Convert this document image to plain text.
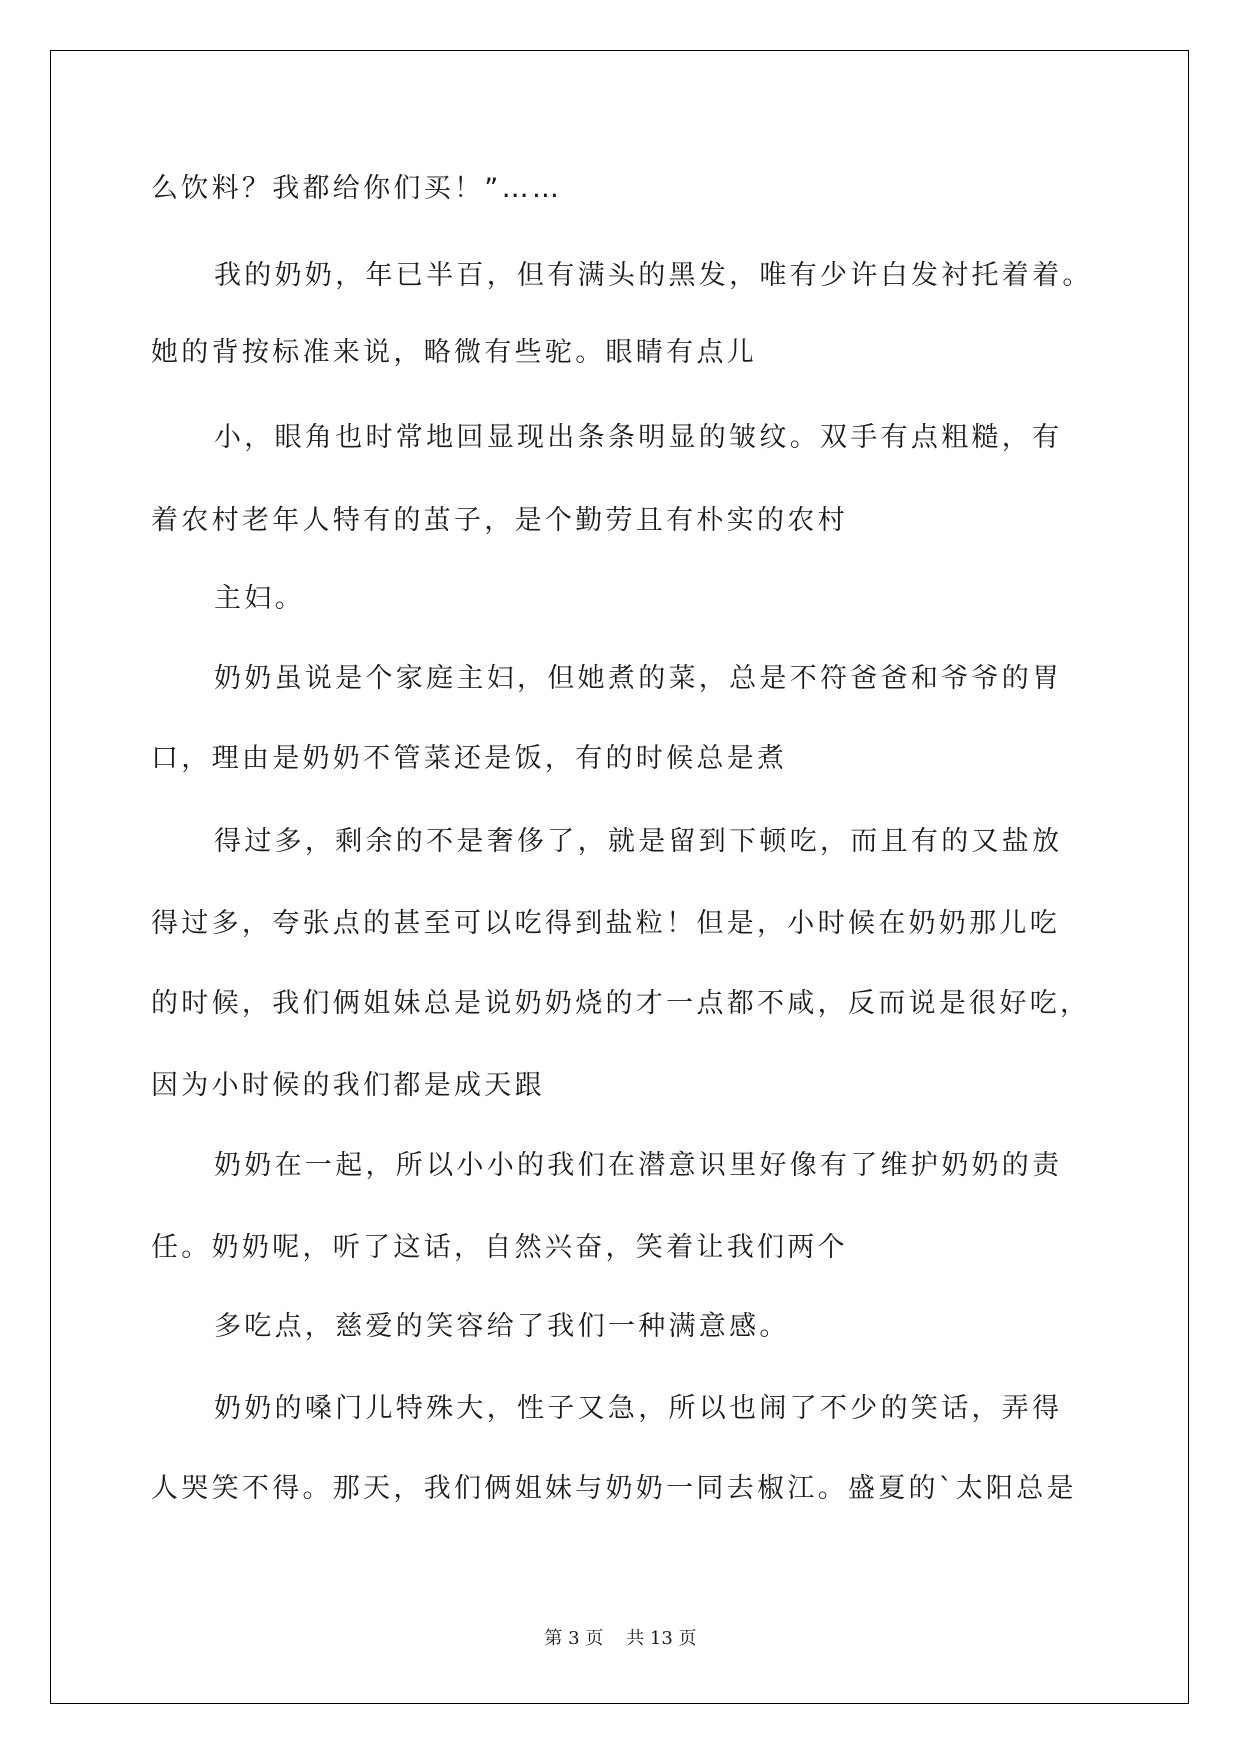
么饮料？我都给你们买！”……
我的奶奶，年已半百，但有满头的黑发，唯有少许白发衬托着着。
她的背按标准来说，略微有些驼。眼睛有点儿
小，眼角也时常地回显现出条条明显的皱纹。双手有点粗糙，有
着农村老年人特有的茧子，是个勤劳且有朴实的农村
主妇。
奶奶虽说是个家庭主妇，但她煮的菜，总是不符爸爸和爷爷的胃
口，理由是奶奶不管菜还是饭，有的时候总是煮
得过多，剩余的不是奢侈了，就是留到下顿吃，而且有的又盐放
得过多，夸张点的甚至可以吃得到盐粒！但是，小时候在奶奶那儿吃
的时候，我们俩姐妹总是说奶奶烧的才一点都不咸，反而说是很好吃，
因为小时候的我们都是成天跟
奶奶在一起，所以小小的我们在潜意识里好像有了维护奶奶的责
任。奶奶呢，听了这话，自然兴奋，笑着让我们两个
多吃点，慈爱的笑容给了我们一种满意感。
奶奶的嗓门儿特殊大，性子又急，所以也闹了不少的笑话，弄得
人哭笑不得。那天，我们俩姐妹与奶奶一同去椒江。盛夏的`太阳总是
第 3 页    共 13 页
